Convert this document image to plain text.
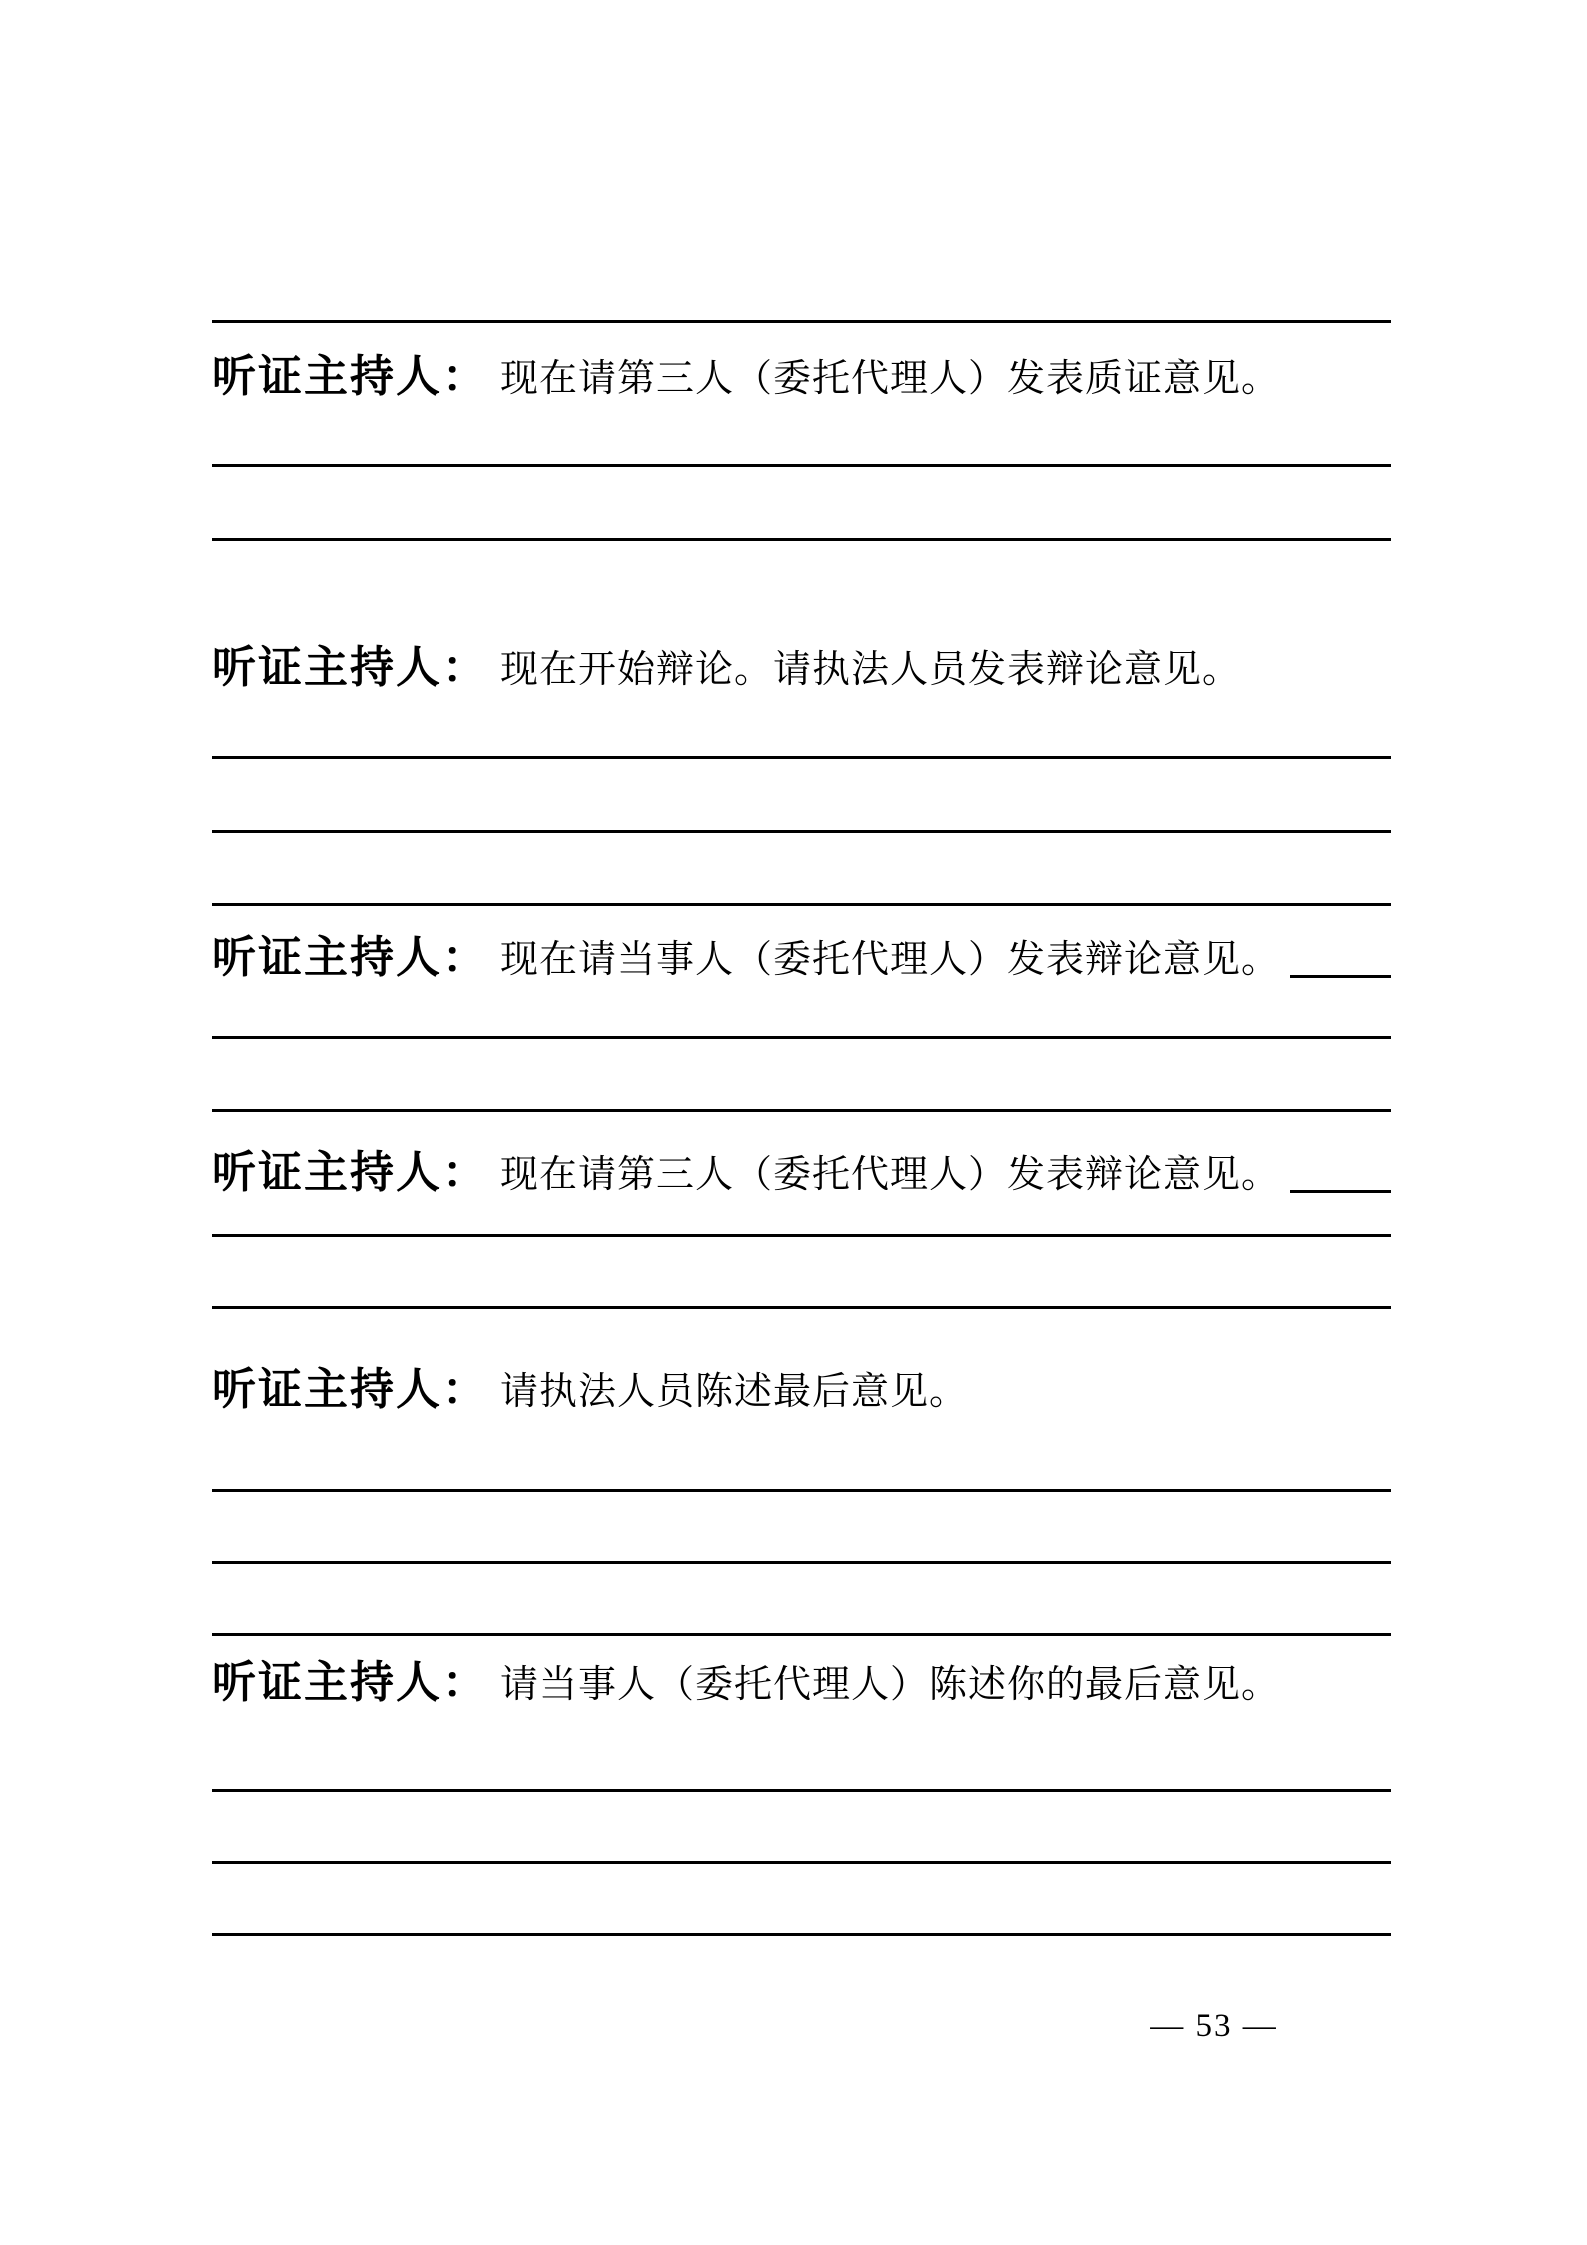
听证主持人： 现在请第三人（委托代理人）发表质证意见。
听证主持人： 现在开始辩论。请执法人员发表辩论意见。
听证主持人： 现在请当事人（委托代理人）发表辩论意见。
听证主持人： 现在请第三人（委托代理人）发表辩论意见。
听证主持人： 请执法人员陈述最后意见。
听证主持人： 请当事人（委托代理人）陈述你的最后意见。
— 53 —
